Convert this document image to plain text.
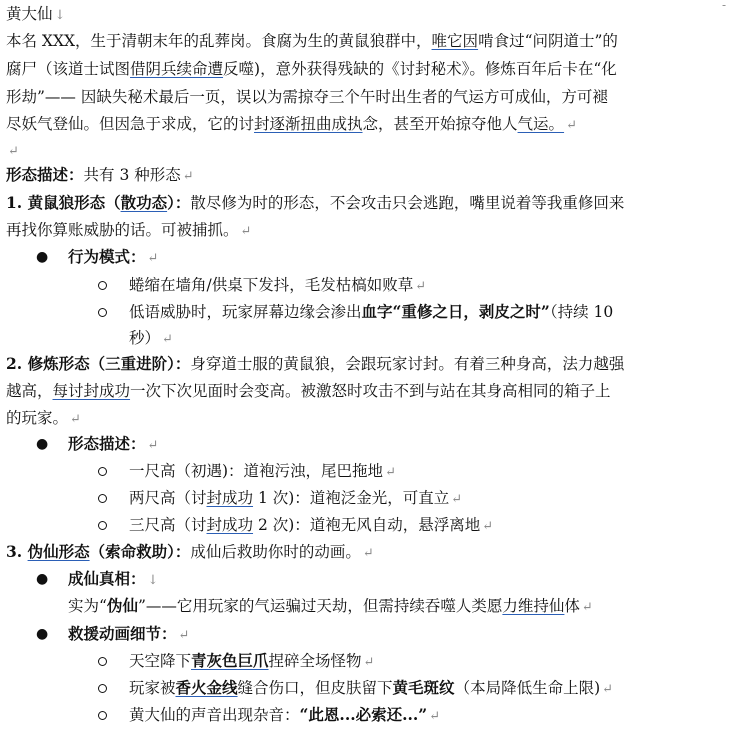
-
黄大仙 ↓
本名 XXX，生于清朝末年的乱葬岗。食腐为生的黄鼠狼群中，唯它因啃食过“问阴道士”的
腐尸（该道士试图借阴兵续命遭反噬)，意外获得残缺的《讨封秘术》。修炼百年后卡在“化
形劫”—— 因缺失秘术最后一页，误以为需掠夺三个午时出生者的气运方可成仙，方可褪
尽妖气登仙。但因急于求成，它的讨封逐渐扭曲成执念，甚至开始掠夺他人气运。 ↵
↵
形态描述：共有 3 种形态 ↵
1. 黄鼠狼形态（散功态）：散尽修为时的形态，不会攻击只会逃跑，嘴里说着等我重修回来
再找你算账威胁的话。可被捕抓。 ↵
● 行为模式： ↵
蜷缩在墙角/供桌下发抖，毛发枯槁如败草 ↵
低语威胁时，玩家屏幕边缘会渗出血字“重修之日，剥皮之时”（持续 10
秒） ↵
2. 修炼形态（三重进阶）：身穿道士服的黄鼠狼，会跟玩家讨封。有着三种身高，法力越强
越高，每讨封成功一次下次见面时会变高。被激怒时攻击不到与站在其身高相同的箱子上
的玩家。 ↵
● 形态描述： ↵
一尺高（初遇)：道袍污浊，尾巴拖地 ↵
两尺高（讨封成功 1 次)：道袍泛金光，可直立 ↵
三尺高（讨封成功 2 次)：道袍无风自动，悬浮离地 ↵
3. 伪仙形态（索命救助）：成仙后救助你时的动画。 ↵
● 成仙真相： ↓
实为“伪仙”——它用玩家的气运骗过天劫，但需持续吞噬人类愿力维持仙体 ↵
● 救援动画细节： ↵
天空降下青灰色巨爪捏碎全场怪物 ↵
玩家被香火金线缝合伤口，但皮肤留下黄毛斑纹（本局降低生命上限) ↵
黄大仙的声音出现杂音：“此恩...必索还...” ↵
